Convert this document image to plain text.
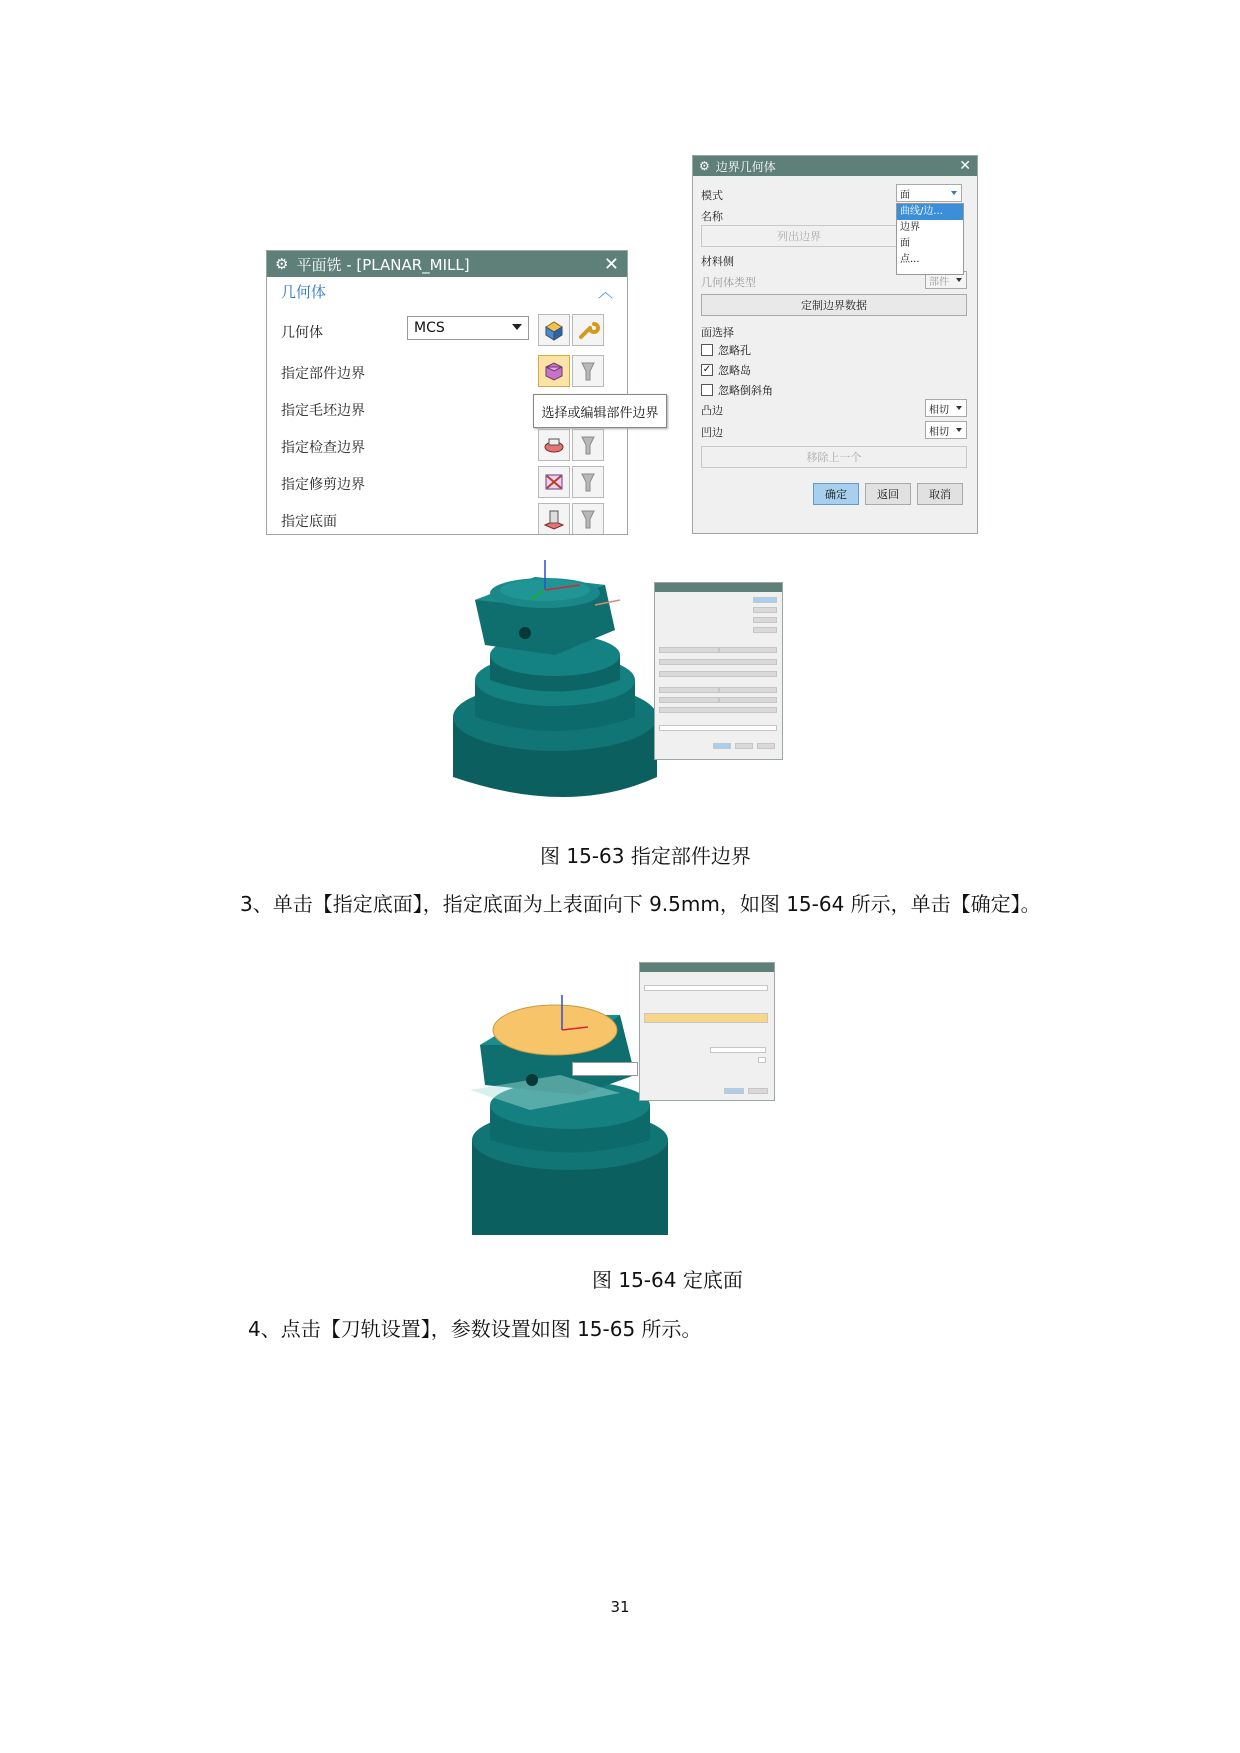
⚙ 平面铣 - [PLANAR_MILL]	✕
几何体	︿
几何体	MCS
指定部件边界
指定毛坯边界
指定检查边界
指定修剪边界
指定底面
选择或编辑部件边界
⚙ 边界几何体	✕
模式
名称
列出边界
材料侧
几何体类型	部件
定制边界数据
面选择
忽略孔
✓ 忽略岛
忽略倒斜角
凸边	相切
凹边	相切
移除上一个
确定	返回	取消
面
曲线/边...
边界
面
点...
图 15-63 指定部件边界
3、单击【指定底面】，指定底面为上表面向下 9.5mm，如图 15-64 所示，单击【确定】。
图 15-64 定底面
4、点击【刀轨设置】，参数设置如图 15-65 所示。
31
